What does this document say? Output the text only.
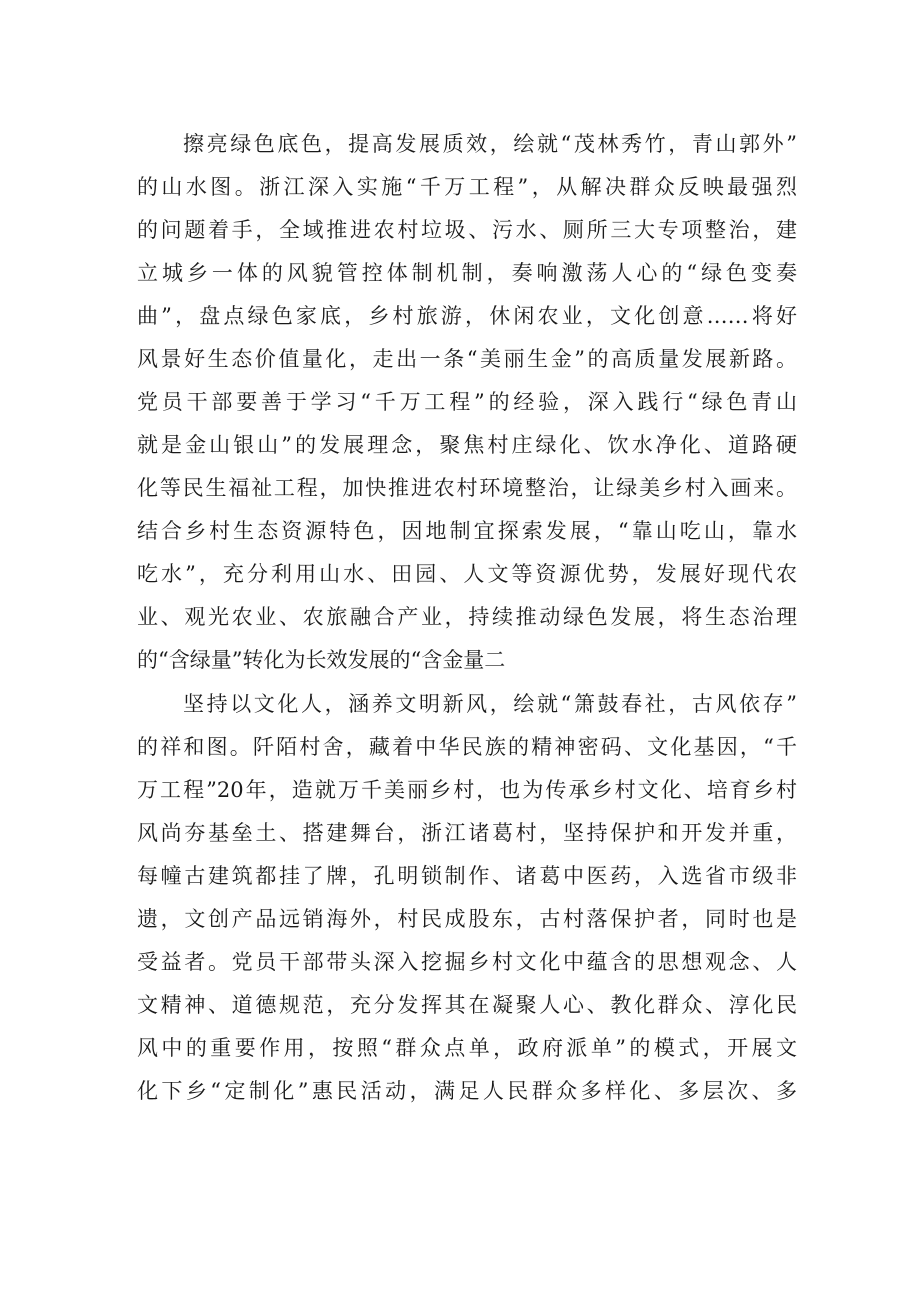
擦亮绿色底色，提高发展质效，绘就“茂林秀竹，青山郭外”
的山水图。浙江深入实施“千万工程”，从解决群众反映最强烈
的问题着手，全域推进农村垃圾、污水、厕所三大专项整治，建
立城乡一体的风貌管控体制机制，奏响激荡人心的“绿色变奏
曲”，盘点绿色家底，乡村旅游，休闲农业，文化创意……将好
风景好生态价值量化，走出一条“美丽生金”的高质量发展新路。
党员干部要善于学习“千万工程”的经验，深入践行“绿色青山
就是金山银山”的发展理念，聚焦村庄绿化、饮水净化、道路硬
化等民生福祉工程，加快推进农村环境整治，让绿美乡村入画来。
结合乡村生态资源特色，因地制宜探索发展，“靠山吃山，靠水
吃水”，充分利用山水、田园、人文等资源优势，发展好现代农
业、观光农业、农旅融合产业，持续推动绿色发展，将生态治理
的“含绿量”转化为长效发展的“含金量二
坚持以文化人，涵养文明新风，绘就“箫鼓春社，古风依存”
的祥和图。阡陌村舍，藏着中华民族的精神密码、文化基因，“千
万工程”20年，造就万千美丽乡村，也为传承乡村文化、培育乡村
风尚夯基垒土、搭建舞台，浙江诸葛村，坚持保护和开发并重，
每幢古建筑都挂了牌，孔明锁制作、诸葛中医药，入选省市级非
遗，文创产品远销海外，村民成股东，古村落保护者，同时也是
受益者。党员干部带头深入挖掘乡村文化中蕴含的思想观念、人
文精神、道德规范，充分发挥其在凝聚人心、教化群众、淳化民
风中的重要作用，按照“群众点单，政府派单”的模式，开展文
化下乡“定制化”惠民活动，满足人民群众多样化、多层次、多
